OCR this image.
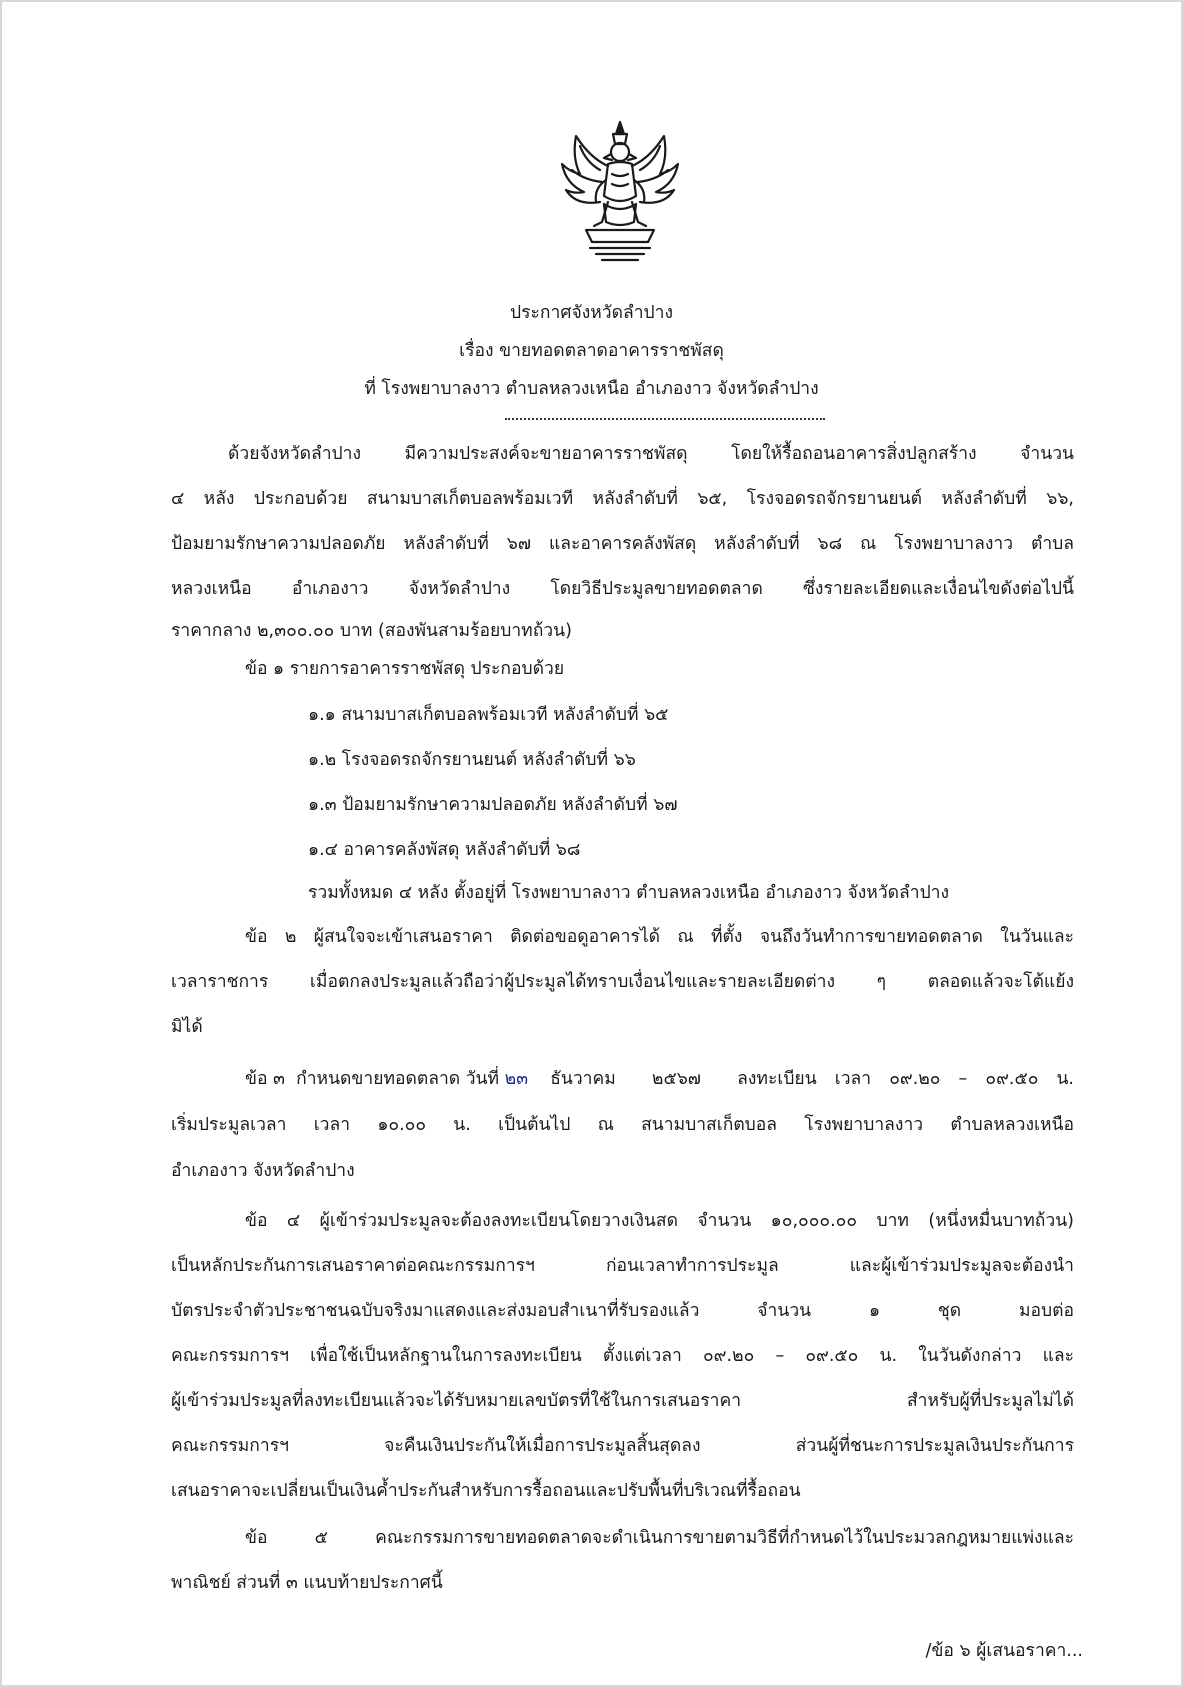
ประกาศจังหวัดลำปาง
เรื่อง ขายทอดตลาดอาคารราชพัสดุ
ที่ โรงพยาบาลงาว ตำบลหลวงเหนือ อำเภองาว จังหวัดลำปาง
ด้วยจังหวัดลำปาง มีความประสงค์จะขายอาคารราชพัสดุ โดยให้รื้อถอนอาคารสิ่งปลูกสร้าง จำนวน
๔ หลัง ประกอบด้วย สนามบาสเก็ตบอลพร้อมเวที หลังลำดับที่ ๖๕, โรงจอดรถจักรยานยนต์ หลังลำดับที่ ๖๖,
ป้อมยามรักษาความปลอดภัย หลังลำดับที่ ๖๗ และอาคารคลังพัสดุ หลังลำดับที่ ๖๘ ณ โรงพยาบาลงาว ตำบล
หลวงเหนือ อำเภองาว จังหวัดลำปาง โดยวิธีประมูลขายทอดตลาด ซึ่งรายละเอียดและเงื่อนไขดังต่อไปนี้
ราคากลาง ๒,๓๐๐.๐๐ บาท (สองพันสามร้อยบาทถ้วน)
ข้อ ๑ รายการอาคารราชพัสดุ ประกอบด้วย
๑.๑ สนามบาสเก็ตบอลพร้อมเวที หลังลำดับที่ ๖๕
๑.๒ โรงจอดรถจักรยานยนต์ หลังลำดับที่ ๖๖
๑.๓ ป้อมยามรักษาความปลอดภัย หลังลำดับที่ ๖๗
๑.๔ อาคารคลังพัสดุ หลังลำดับที่ ๖๘
รวมทั้งหมด ๔ หลัง ตั้งอยู่ที่ โรงพยาบาลงาว ตำบลหลวงเหนือ อำเภองาว จังหวัดลำปาง
ข้อ ๒ ผู้สนใจจะเข้าเสนอราคา ติดต่อขอดูอาคารได้ ณ ที่ตั้ง จนถึงวันทำการขายทอดตลาด ในวันและ
เวลาราชการ เมื่อตกลงประมูลแล้วถือว่าผู้ประมูลได้ทราบเงื่อนไขและรายละเอียดต่าง ๆ ตลอดแล้วจะโต้แย้ง
มิได้
ข้อ ๓  กำหนดขายทอดตลาด วันที่ ๒๓ ธันวาคม  ๒๕๖๗  ลงทะเบียน เวลา ๐๙.๒๐ – ๐๙.๕๐ น.
เริ่มประมูลเวลา เวลา ๑๐.๐๐ น. เป็นต้นไป ณ สนามบาสเก็ตบอล โรงพยาบาลงาว ตำบลหลวงเหนือ
อำเภองาว จังหวัดลำปาง
ข้อ ๔ ผู้เข้าร่วมประมูลจะต้องลงทะเบียนโดยวางเงินสด จำนวน ๑๐,๐๐๐.๐๐ บาท (หนึ่งหมื่นบาทถ้วน)
เป็นหลักประกันการเสนอราคาต่อคณะกรรมการฯ ก่อนเวลาทำการประมูล และผู้เข้าร่วมประมูลจะต้องนำ
บัตรประจำตัวประชาชนฉบับจริงมาแสดงและส่งมอบสำเนาที่รับรองแล้ว จำนวน ๑ ชุด มอบต่อ
คณะกรรมการฯ เพื่อใช้เป็นหลักฐานในการลงทะเบียน ตั้งแต่เวลา ๐๙.๒๐ – ๐๙.๕๐ น. ในวันดังกล่าว และ
ผู้เข้าร่วมประมูลที่ลงทะเบียนแล้วจะได้รับหมายเลขบัตรที่ใช้ในการเสนอราคา สำหรับผู้ที่ประมูลไม่ได้
คณะกรรมการฯ จะคืนเงินประกันให้เมื่อการประมูลสิ้นสุดลง ส่วนผู้ที่ชนะการประมูลเงินประกันการ
เสนอราคาจะเปลี่ยนเป็นเงินค้ำประกันสำหรับการรื้อถอนและปรับพื้นที่บริเวณที่รื้อถอน
ข้อ ๕ คณะกรรมการขายทอดตลาดจะดำเนินการขายตามวิธีที่กำหนดไว้ในประมวลกฎหมายแพ่งและ
พาณิชย์ ส่วนที่ ๓ แนบท้ายประกาศนี้
/ข้อ ๖ ผู้เสนอราคา...
